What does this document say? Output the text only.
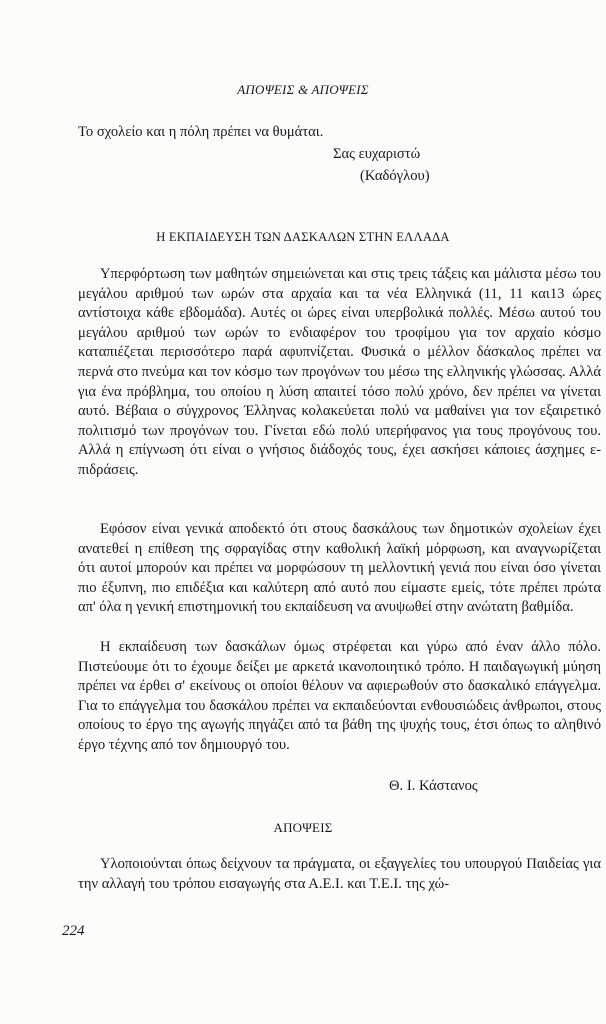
ΑΠΟΨΕΙΣ & ΑΠΟΨΕΙΣ
Το σχολείο και η πόλη πρέπει να θυμάται.
Σας ευχαριστώ
(Καδόγλου)
Η ΕΚΠΑΙΔΕΥΣΗ ΤΩΝ ΔΑΣΚΑΛΩΝ ΣΤΗΝ ΕΛΛΑΔΑ
Υπερφόρτωση των μαθητών σημειώνεται και στις τρεις τάξεις και μάλιστα μέσω του μεγάλου αριθμού των ωρών στα αρχαία και τα νέα Ελληνικά (11, 11 και13 ώρες αντίστοιχα κάθε εβδομάδα). Αυτές οι ώρες είναι υπερβολικά πολλές. Μέσω αυτού του μεγάλου αριθμού των ωρών το ενδιαφέρον του τροφίμου για τον αρχαίο κόσμο καταπιέζεται περισσότερο παρά αφυπνίζεται. Φυσικά ο μέλλον δάσκαλος πρέπει να περνά στο πνεύμα και τον κόσμο των προγόνων του μέσω της ελληνικής γλώσσας. Αλλά για ένα πρόβλημα, του οποίου η λύση απαιτεί τόσο πολύ χρόνο, δεν πρέπει να γίνεται αυτό. Βέβαια ο σύγχρονος Έλληνας κολακεύεται πολύ να μαθαίνει για τον εξαιρετικό πολιτισμό των προγόνων του. Γίνεται εδώ πολύ υπερήφανος για τους προγόνους του. Αλλά η επίγνωση ότι είναι ο γνήσιος διάδοχός τους, έχει ασκήσει κάποιες άσχημες επιδράσεις.
Εφόσον είναι γενικά αποδεκτό ότι στους δασκάλους των δημοτικών σχολείων έχει ανατεθεί η επίθεση της σφραγίδας στην καθολική λαϊκή μόρφωση, και αναγνωρίζεται ότι αυτοί μπορούν και πρέπει να μορφώσουν τη μελλοντική γενιά που είναι όσο γίνεται πιο έξυπνη, πιο επιδέξια και καλύτερη από αυτό που είμαστε εμείς, τότε πρέπει πρώτα απ' όλα η γενική επιστημονική του εκπαίδευση να ανυψωθεί στην ανώτατη βαθμίδα.
Η εκπαίδευση των δασκάλων όμως στρέφεται και γύρω από έναν άλλο πόλο. Πιστεύουμε ότι το έχουμε δείξει με αρκετά ικανοποιητικό τρόπο. Η παιδαγωγική μύηση πρέπει να έρθει σ' εκείνους οι οποίοι θέλουν να αφιερωθούν στο δασκαλικό επάγγελμα. Για το επάγγελμα του δασκάλου πρέπει να εκπαιδεύονται ενθουσιώδεις άνθρωποι, στους οποίους το έργο της αγωγής πηγάζει από τα βάθη της ψυχής τους, έτσι όπως το αληθινό έργο τέχνης από τον δημιουργό του.
Θ. Ι. Κάστανος
ΑΠΟΨΕΙΣ
Υλοποιούνται όπως δείχνουν τα πράγματα, οι εξαγγελίες του υπουργού Παιδείας για την αλλαγή του τρόπου εισαγωγής στα Α.Ε.Ι. και Τ.Ε.Ι. της χώ-
224
